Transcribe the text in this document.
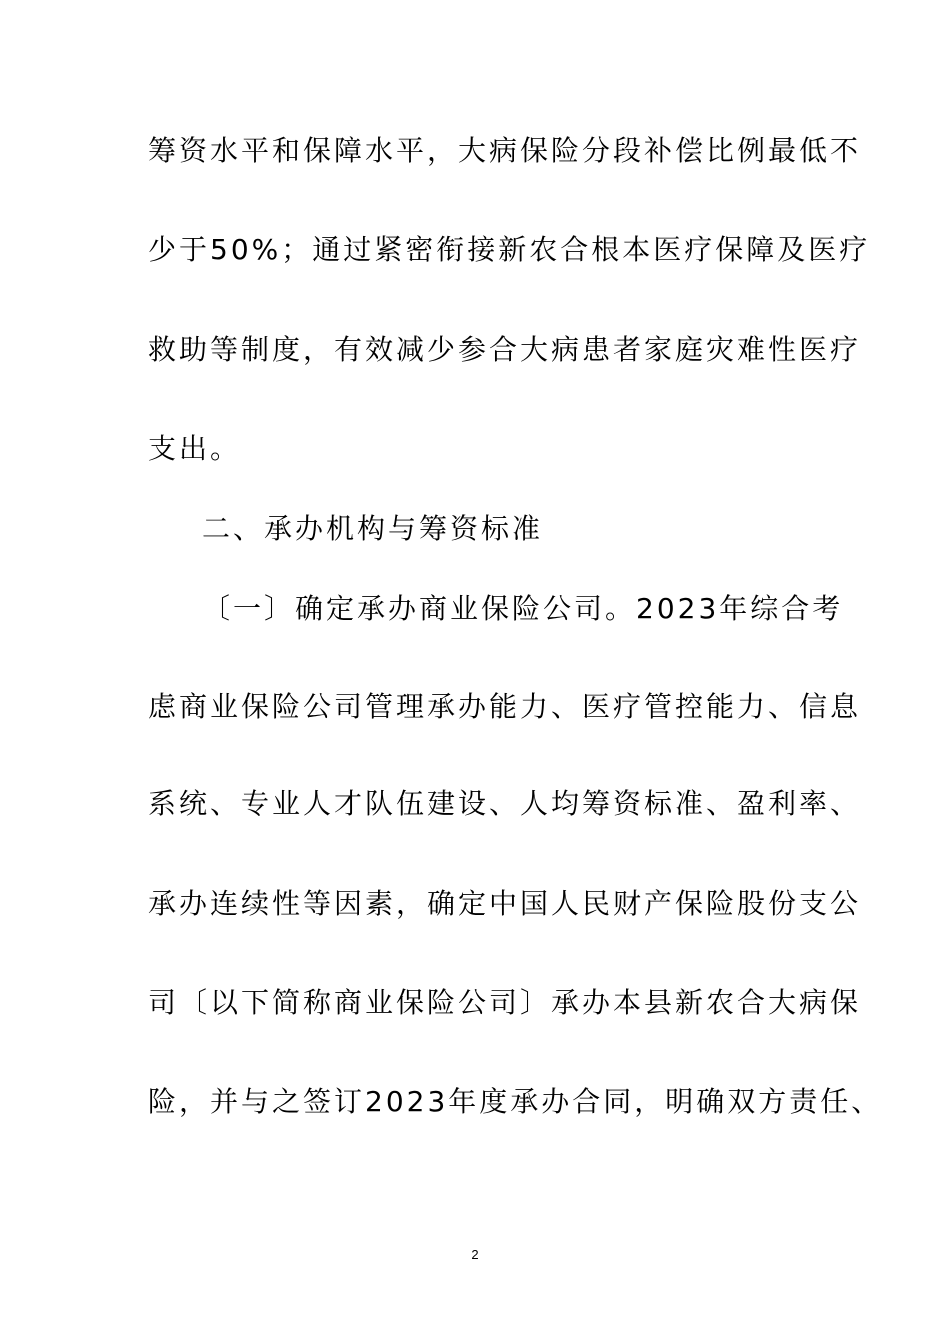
筹资水平和保障水平，大病保险分段补偿比例最低不
少于50%；通过紧密衔接新农合根本医疗保障及医疗
救助等制度，有效减少参合大病患者家庭灾难性医疗
支出。
二、承办机构与筹资标准
〔一〕确定承办商业保险公司。2023年综合考
虑商业保险公司管理承办能力、医疗管控能力、信息
系统、专业人才队伍建设、人均筹资标准、盈利率、
承办连续性等因素，确定中国人民财产保险股份支公
司〔以下简称商业保险公司〕承办本县新农合大病保
险，并与之签订2023年度承办合同，明确双方责任、
2
